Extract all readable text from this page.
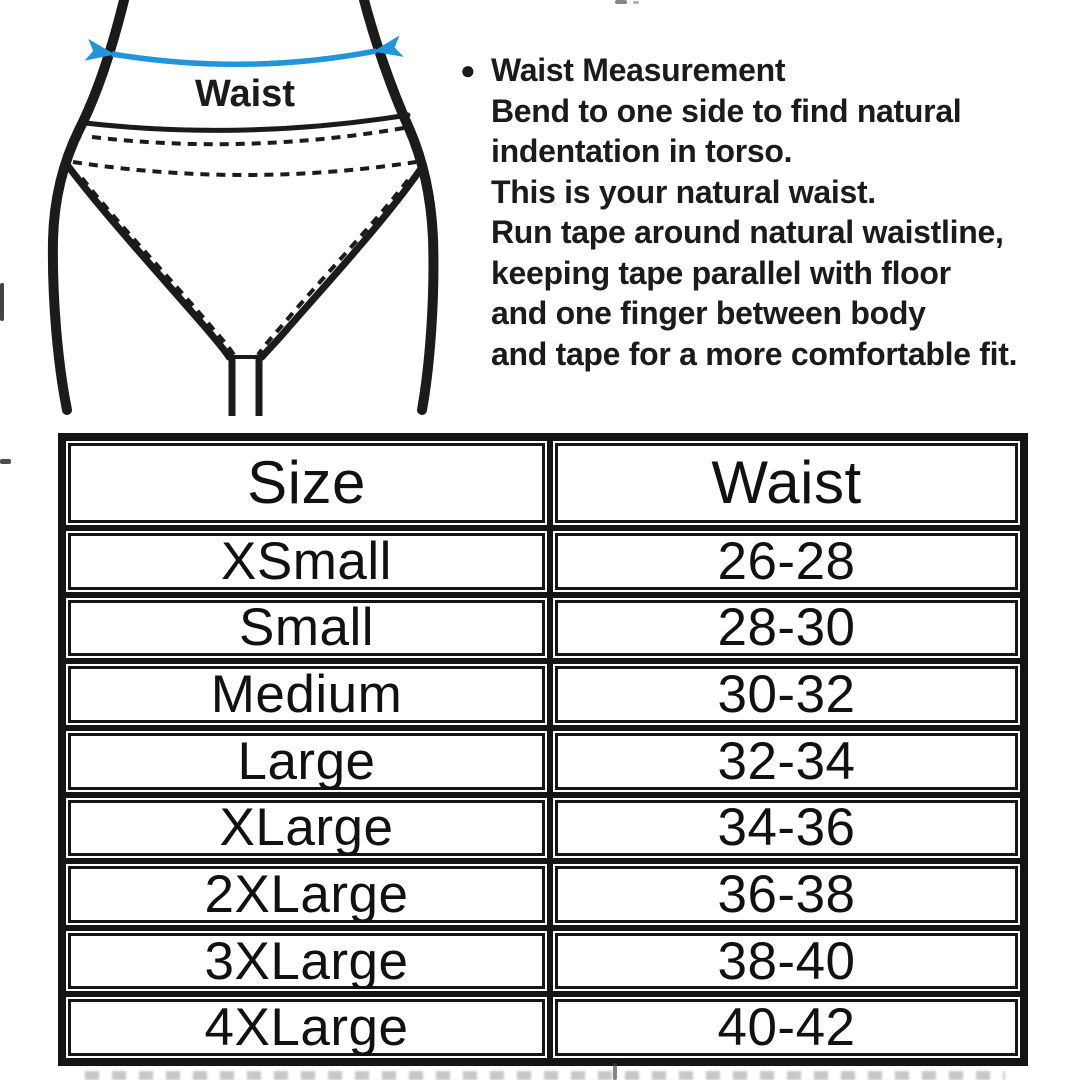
Waist
● Waist Measurement
Bend to one side to find natural
indentation in torso.
This is your natural waist.
Run tape around natural waistline,
keeping tape parallel with floor
and one finger between body
and tape for a more comfortable fit.
Size	Waist
XSmall	26-28
Small	28-30
Medium	30-32
Large	32-34
XLarge	34-36
2XLarge	36-38
3XLarge	38-40
4XLarge	40-42
